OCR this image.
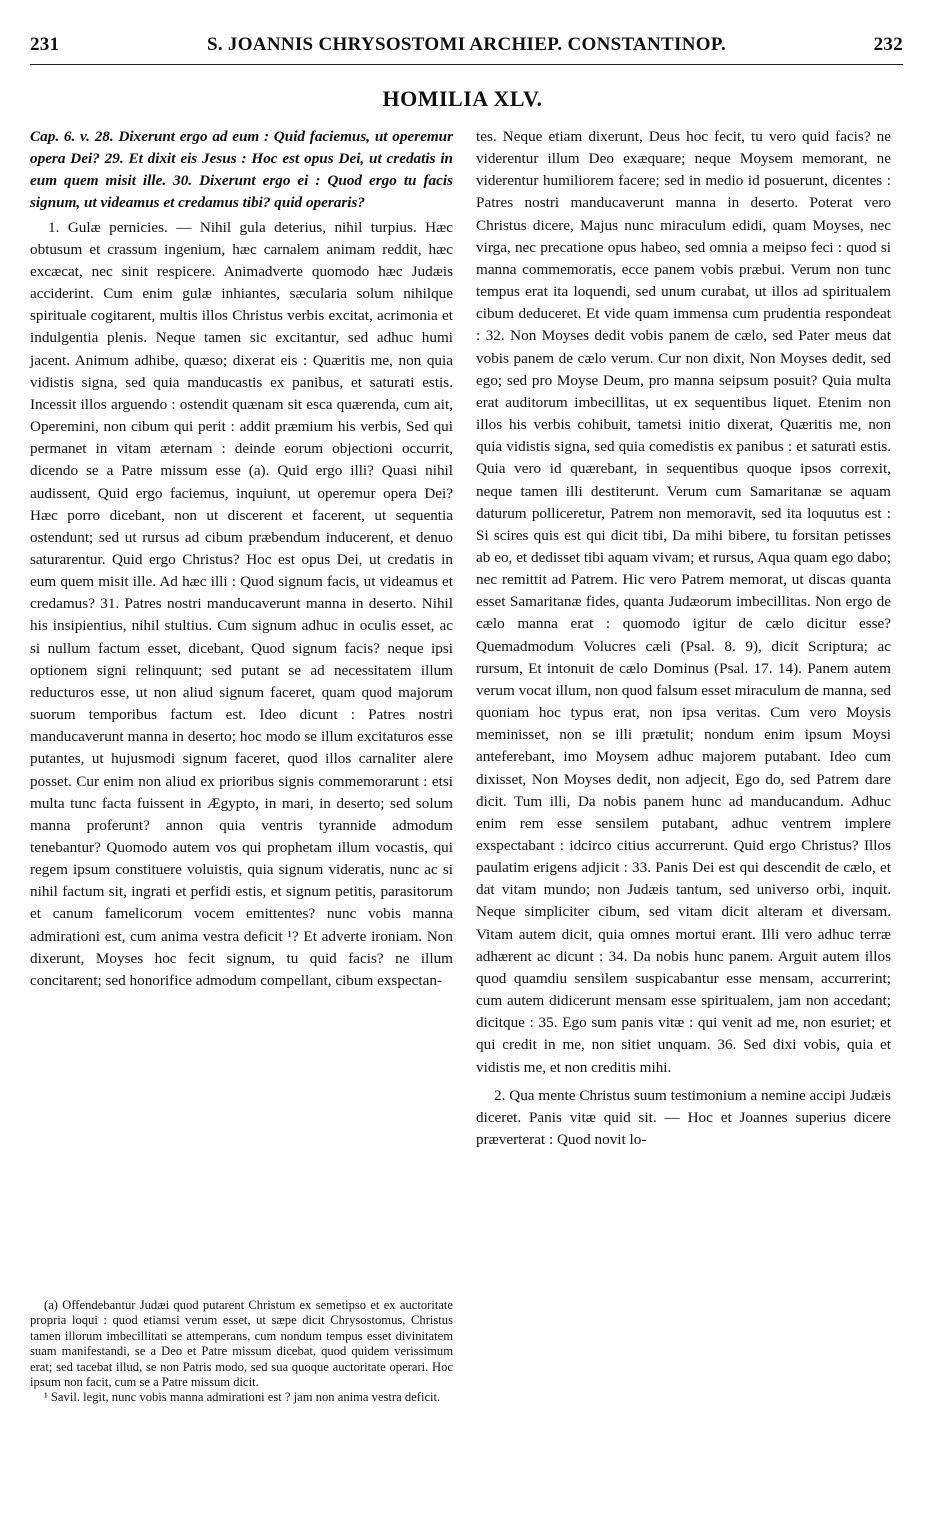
231	S. JOANNIS CHRYSOSTOMI ARCHIEP. CONSTANTINOP.	232
HOMILIA XLV.

Cap. 6. v. 28. Dixerunt ergo ad eum : Quid faciemus, ut operemur opera Dei? 29. Et dixit eis Jesus : Hoc est opus Dei, ut credatis in eum quem misit ille. 30. Dixerunt ergo ei : Quod ergo tu facis signum, ut videamus et credamus tibi? quid operaris?

1. Gulæ pernicies. — Nihil gula deterius, nihil turpius. Hæc obtusum et crassum ingenium, hæc carnalem animam reddit, hæc excæcat, nec sinit respicere. Animadverte quomodo hæc Judæis acciderint. Cum enim gulæ inhiantes, sæcularia solum nihilque spirituale cogitarent, multis illos Christus verbis excitat, acrimonia et indulgentia plenis. Neque tamen sic excitantur, sed adhuc humi jacent. Animum adhibe, quæso; dixerat eis : Quæritis me, non quia vidistis signa, sed quia manducastis ex panibus, et saturati estis. Incessit illos arguendo : ostendit quænam sit esca quærenda, cum ait, Operemini, non cibum qui perit : addit præmium his verbis, Sed qui permanet in vitam æternam : deinde eorum objectioni occurrit, dicendo se a Patre missum esse (a). Quid ergo illi? Quasi nihil audissent, Quid ergo faciemus, inquiunt, ut operemur opera Dei? Hæc porro dicebant, non ut discerent et facerent, ut sequentia ostendunt; sed ut rursus ad cibum præbendum inducerent, et denuo saturarentur. Quid ergo Christus? Hoc est opus Dei, ut credatis in eum quem misit ille. Ad hæc illi : Quod signum facis, ut videamus et credamus? 31. Patres nostri manducaverunt manna in deserto. Nihil his insipientius, nihil stultius. Cum signum adhuc in oculis esset, ac si nullum factum esset, dicebant, Quod signum facis? neque ipsi optionem signi relinquunt; sed putant se ad necessitatem illum reducturos esse, ut non aliud signum faceret, quam quod majorum suorum temporibus factum est. Ideo dicunt : Patres nostri manducaverunt manna in deserto; hoc modo se illum excitaturos esse putantes, ut hujusmodi signum faceret, quod illos carnaliter alere posset. Cur enim non aliud ex prioribus signis commemorarunt : etsi multa tunc facta fuissent in Ægypto, in mari, in deserto; sed solum manna proferunt? annon quia ventris tyrannide admodum tenebantur? Quomodo autem vos qui prophetam illum vocastis, qui regem ipsum constituere voluistis, quia signum videratis, nunc ac si nihil factum sit, ingrati et perfidi estis, et signum petitis, parasitorum et canum famelicorum vocem emittentes? nunc vobis manna admirationi est, cum anima vestra deficit ¹? Et adverte ironiam. Non dixerunt, Moyses hoc fecit signum, tu quid facis? ne illum concitarent; sed honorifice admodum compellant, cibum exspectan-

(a) Offendebantur Judæi quod putarent Christum ex semetipso et ex auctoritate propria loqui : quod etiamsi verum esset, ut sæpe dicit Chrysostomus, Christus tamen illorum imbecillitati se attemperans, cum nondum tempus esset divinitatem suam manifestandi, se a Deo et Patre missum dicebat, quod quidem verissimum erat; sed tacebat illud, se non Patris modo, sed sua quoque auctoritate operari. Hoc ipsum non facit, cum se a Patre missum dicit.

¹ Savil. legit, nunc vobis manna admirationi est ? jam non anima vestra deficit.

tes. Neque etiam dixerunt, Deus hoc fecit, tu vero quid facis? ne viderentur illum Deo exæquare; neque Moysem memorant, ne viderentur humiliorem facere; sed in medio id posuerunt, dicentes : Patres nostri manducaverunt manna in deserto. Poterat vero Christus dicere, Majus nunc miraculum edidi, quam Moyses, nec virga, nec precatione opus habeo, sed omnia a meipso feci : quod si manna commemoratis, ecce panem vobis præbui. Verum non tunc tempus erat ita loquendi, sed unum curabat, ut illos ad spiritualem cibum deduceret. Et vide quam immensa cum prudentia respondeat : 32. Non Moyses dedit vobis panem de cælo, sed Pater meus dat vobis panem de cælo verum. Cur non dixit, Non Moyses dedit, sed ego; sed pro Moyse Deum, pro manna seipsum posuit? Quia multa erat auditorum imbecillitas, ut ex sequentibus liquet. Etenim non illos his verbis cohibuit, tametsi initio dixerat, Quæritis me, non quia vidistis signa, sed quia comedistis ex panibus : et saturati estis. Quia vero id quærebant, in sequentibus quoque ipsos correxit, neque tamen illi destiterunt. Verum cum Samaritanæ se aquam daturum polliceretur, Patrem non memoravit, sed ita loquutus est : Si scires quis est qui dicit tibi, Da mihi bibere, tu forsitan petisses ab eo, et dedisset tibi aquam vivam; et rursus, Aqua quam ego dabo; nec remittit ad Patrem. Hic vero Patrem memorat, ut discas quanta esset Samaritanæ fides, quanta Judæorum imbecillitas. Non ergo de cælo manna erat : quomodo igitur de cælo dicitur esse? Quemadmodum Volucres cæli (Psal. 8. 9), dicit Scriptura; ac rursum, Et intonuit de cælo Dominus (Psal. 17. 14). Panem autem verum vocat illum, non quod falsum esset miraculum de manna, sed quoniam hoc typus erat, non ipsa veritas. Cum vero Moysis meminisset, non se illi prætulit; nondum enim ipsum Moysi anteferebant, imo Moysem adhuc majorem putabant. Ideo cum dixisset, Non Moyses dedit, non adjecit, Ego do, sed Patrem dare dicit. Tum illi, Da nobis panem hunc ad manducandum. Adhuc enim rem esse sensilem putabant, adhuc ventrem implere exspectabant : idcirco citius accurrerunt. Quid ergo Christus? Illos paulatim erigens adjicit : 33. Panis Dei est qui descendit de cælo, et dat vitam mundo; non Judæis tantum, sed universo orbi, inquit. Neque simpliciter cibum, sed vitam dicit alteram et diversam. Vitam autem dicit, quia omnes mortui erant. Illi vero adhuc terræ adhærent ac dicunt : 34. Da nobis hunc panem. Arguit autem illos quod quamdiu sensilem suspicabantur esse mensam, accurrerint; cum autem didicerunt mensam esse spiritualem, jam non accedant; dicitque : 35. Ego sum panis vitæ : qui venit ad me, non esuriet; et qui credit in me, non sitiet unquam. 36. Sed dixi vobis, quia et vidistis me, et non creditis mihi.

2. Qua mente Christus suum testimonium a nemine accipi Judæis diceret. Panis vitæ quid sit. — Hoc et Joannes superius dicere præverterat : Quod novit lo-
